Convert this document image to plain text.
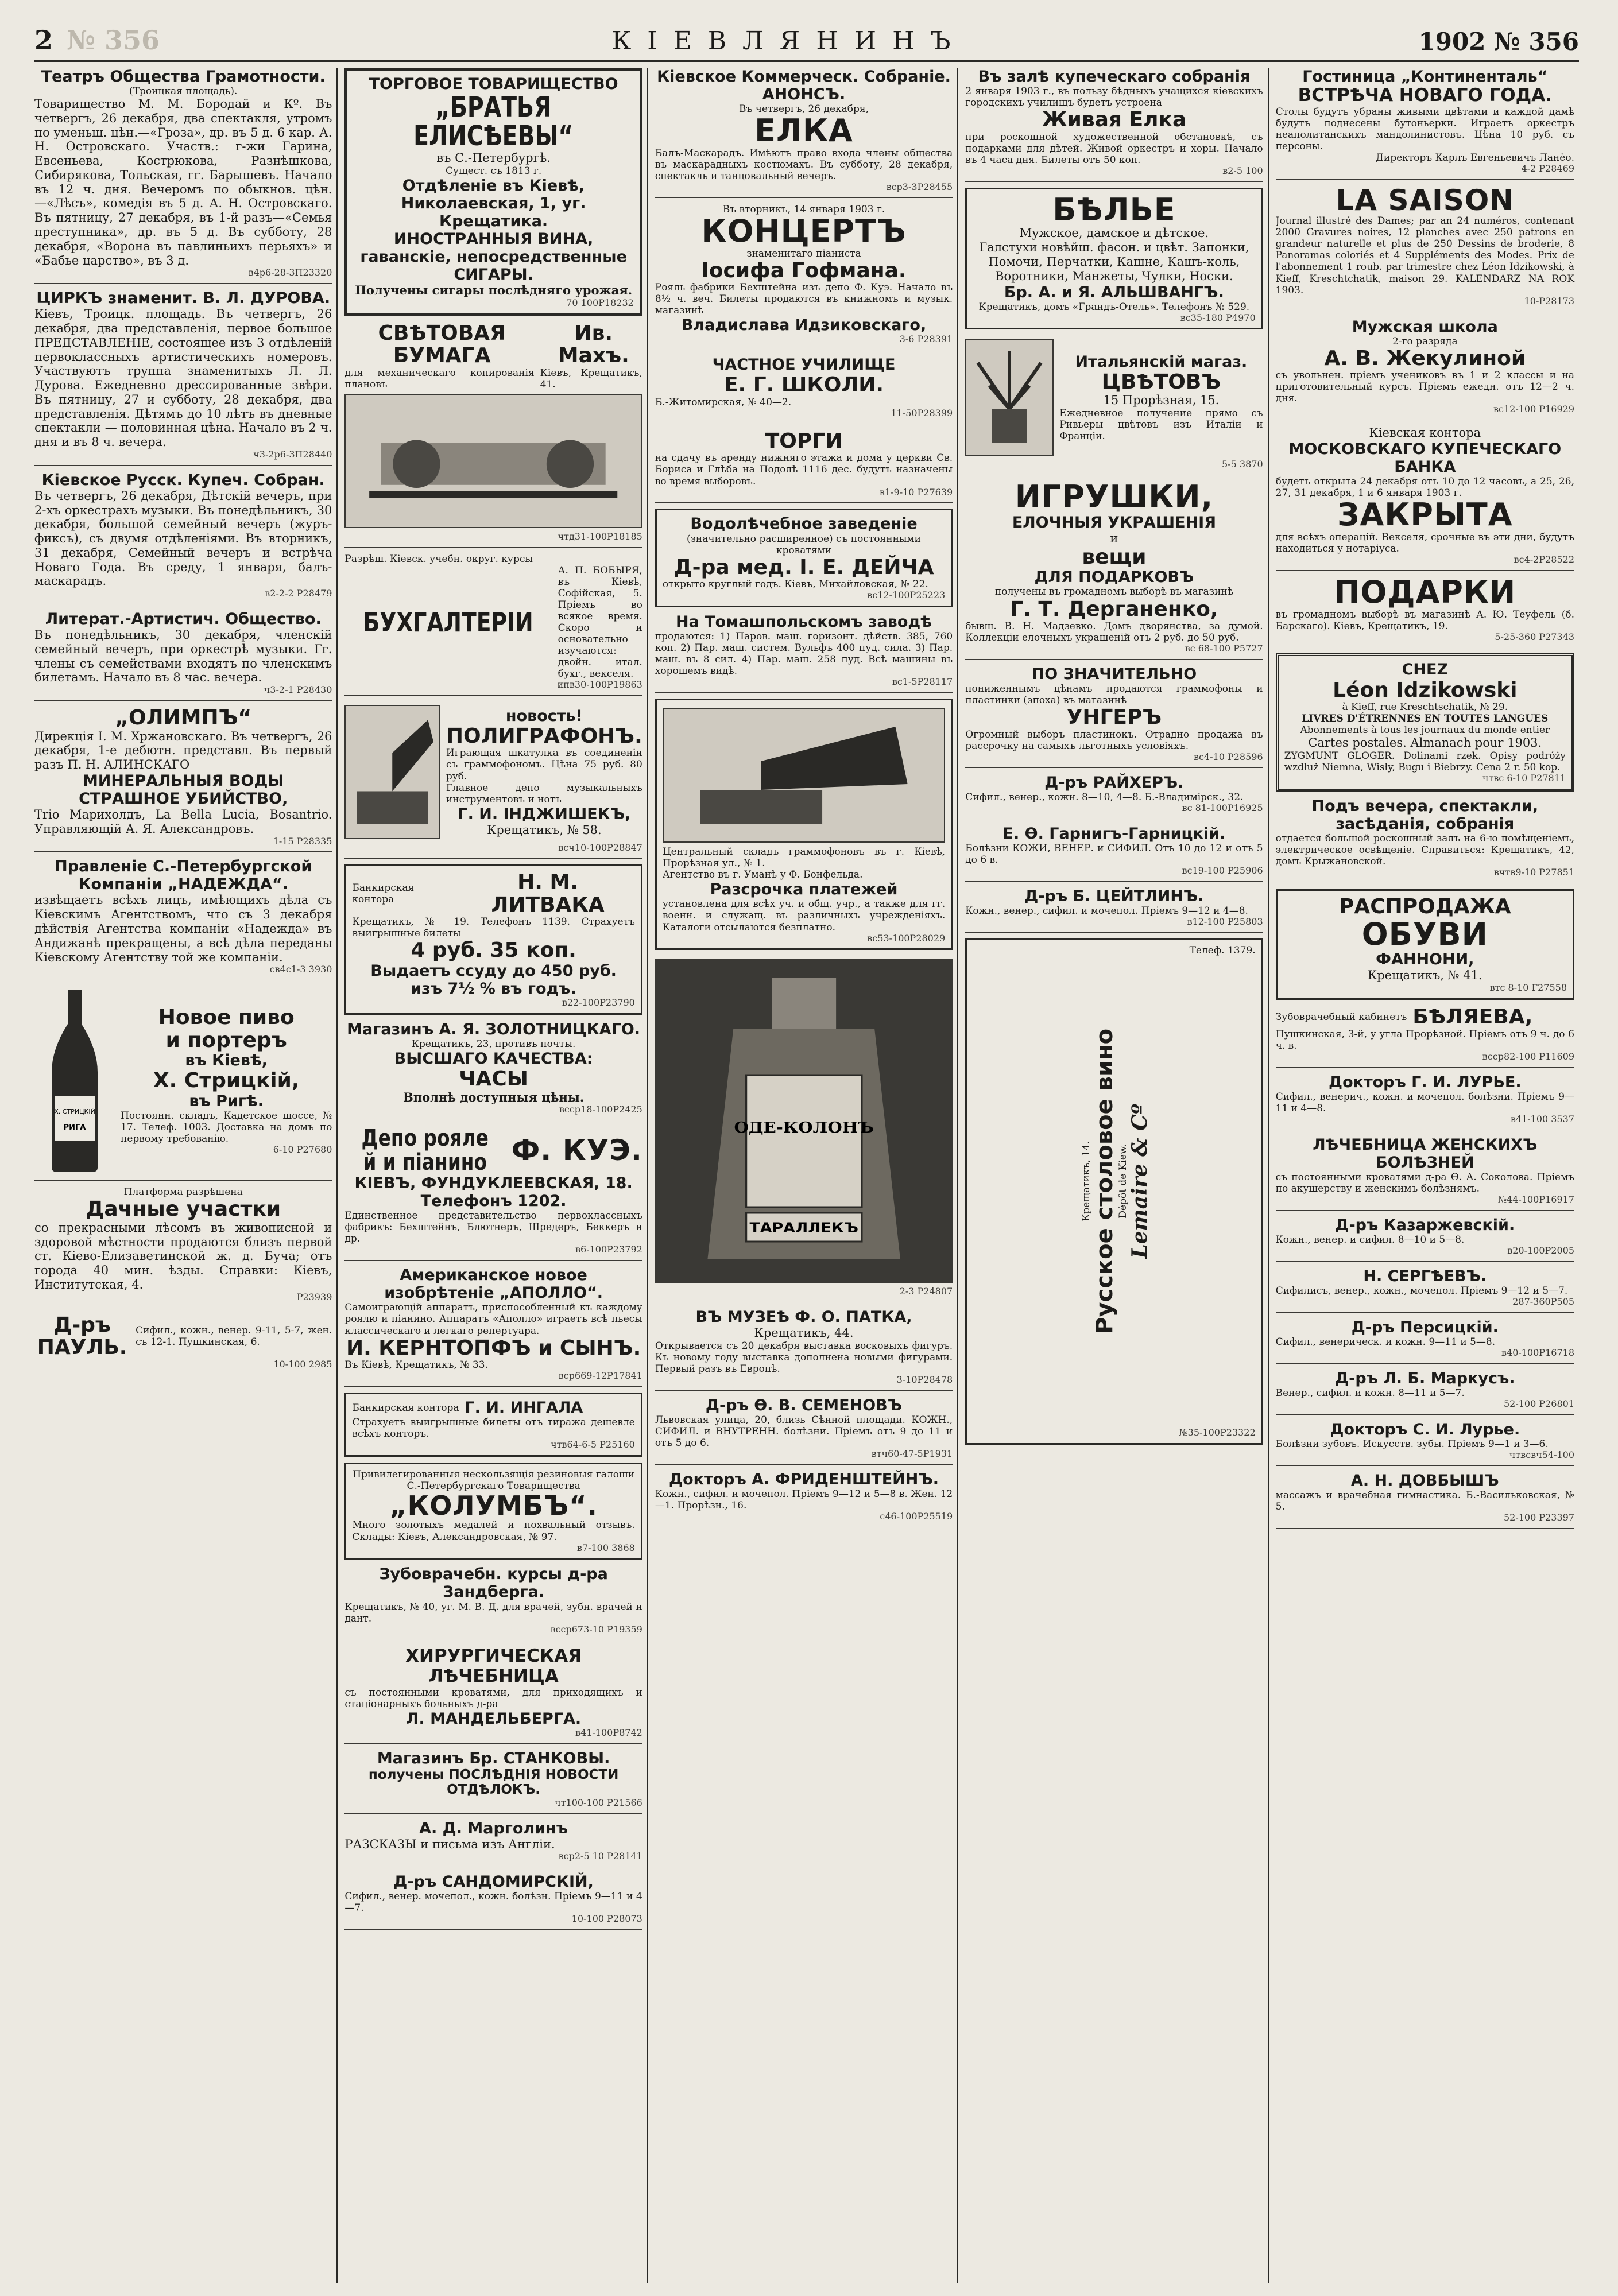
2 № 356	КIЕВЛЯНИНЪ	1902 № 356
Театръ Общества Грамотности.
(Троицкая площадь).
Товарищество М. М. Бородай и Кº. Въ четвергъ, 26 декабря, два спектакля, утромъ по уменьш. цѣн.—«Гроза», др. въ 5 д. 6 кар. А. Н. Островскаго. Участв.: г-жи Гарина, Евсеньева, Кострюкова, Разнѣшкова, Сибирякова, Тольская, гг. Барышевъ. Начало въ 12 ч. дня. Вечеромъ по обыкнов. цѣн.—«Лѣсъ», комедія въ 5 д. А. Н. Островскаго. Въ пятницу, 27 декабря, въ 1-й разъ—«Семья преступника», др. въ 5 д. Въ субботу, 28 декабря, «Ворона въ павлиньихъ перьяхъ» и «Бабье царство», въ 3 д.
в4р6-28-3П23320
ЦИРКЪ знаменит. В. Л. ДУРОВА.
Кiевъ, Троицк. площадь. Въ четвергъ, 26 декабря, два представленія, первое большое ПРЕДСТАВЛЕНIЕ, состоящее изъ 3 отдѣленій первоклассныхъ артистическихъ номеровъ. Участвуютъ труппа знаменитыхъ Л. Л. Дурова. Ежедневно дрессированные звѣри. Въ пятницу, 27 и субботу, 28 декабря, два представленія. Дѣтямъ до 10 лѣтъ въ дневные спектакли — половинная цѣна. Начало въ 2 ч. дня и въ 8 ч. вечера.
ч3-2p6-3П28440
Кiевское Русск. Купеч. Собран.
Въ четвергъ, 26 декабря, Дѣтскій вечеръ, при 2-хъ оркестрахъ музыки. Въ понедѣльникъ, 30 декабря, большой семейный вечеръ (журъ-фиксъ), съ двумя отдѣленіями. Въ вторникъ, 31 декабря, Семейный вечеръ и встрѣча Новаго Года. Въ среду, 1 января, балъ-маскарадъ.
в2-2-2 Р28479
Литерат.-Артистич. Общество.
Въ понедѣльникъ, 30 декабря, членскій семейный вечеръ, при оркестрѣ музыки. Гг. члены съ семействами входятъ по членскимъ билетамъ. Начало въ 8 час. вечера.
ч3-2-1 Р28430
„ОЛИМПЪ“
Дирекція І. М. Хржановскаго. Въ четвергъ, 26 декабря, 1-е дебютн. представл. Въ первый разъ П. Н. АЛИНСКАГО
МИНЕРАЛЬНЫЯ ВОДЫ
СТРАШНОЕ УБИЙСТВО,
Trio Марихолдъ, La Bella Lucia, Bosantrio. Управляющій А. Я. Александровъ.
1-15 Р28335
Правленіе С.-Петербургской Компаніи „НАДЕЖДА“.
извѣщаетъ всѣхъ лицъ, имѣющихъ дѣла съ Кiевскимъ Агентствомъ, что съ 3 декабря дѣйствія Агентства компаніи «Надежда» въ Андижанѣ прекращены, а всѣ дѣла переданы Кiевскому Агентству той же компаніи.
св4с1-3 3930
Х. СТРИЦКІЙ
РИГА
Новое пиво
и портеръ
въ Кiевѣ,
Х. Стрицкій,
въ Ригѣ.
Постоянн. складъ, Кадетское шоссе, № 17. Телеф. 1003. Доставка на домъ по первому требованію.
6-10 Р27680
Платформа разрѣшена
Дачные участки
со прекрасными лѣсомъ въ живописной и здоровой мѣстности продаются близъ первой ст. Кiево-Елизаветинской ж. д. Буча; отъ города 40 мин. ѣзды. Справки: Кiевъ, Институтская, 4.
Р23939
Д-ръ ПАУЛЬ.
Сифил., кожн., венер. 9-11, 5-7, жен. съ 12-1. Пушкинская, 6.
10-100 2985
ТОРГОВОЕ ТОВАРИЩЕСТВО
„БРАТЬЯ ЕЛИСѢЕВЫ“
въ С.-Петербургѣ.
Сущест. съ 1813 г.
Отдѣленіе въ Кiевѣ, Николаевская, 1, уг. Крещатика.
ИНОСТРАННЫЯ ВИНА, гаванскіе, непосредственные СИГАРЫ.
Получены сигары послѣдняго урожая.
70 100Р18232
СВѢТОВАЯ БУМАГА
Ив. Махъ.
для механическаго копированія плановъ
Кiевъ, Крещатикъ, 41.
чтд31-100Р18185
Разрѣш. Кiевск. учебн. округ. курсы
БУХГАЛТЕРІИ
А. П. БОБЫРЯ, въ Кiевѣ, Софійская, 5. Пріемъ во всякое время. Скоро и основательно изучаются: двойн. итал. бухг., векселя.
ипв30-100Р19863
новость!
ПОЛИГРАФОНЪ.
Играющая шкатулка въ соединеніи съ граммофономъ. Цѣна 75 руб. 80 руб.
Главное депо музыкальныхъ инструментовъ и нотъ
Г. И. ІНДЖИШЕКЪ,
Крещатикъ, № 58.
всч10-100Р28847
Банкирская контора
Н. М. ЛИТВАКА
Крещатикъ, № 19. Телефонъ 1139. Страхуетъ выигрышные билеты
4 руб. 35 коп.
Выдаетъ ссуду до 450 руб. изъ 7½ % въ годъ.
в22-100Р23790
Магазинъ А. Я. ЗОЛОТНИЦКАГО.
Крещатикъ, 23, противъ почты.
ВЫСШАГО КАЧЕСТВА:
ЧАСЫ
Вполнѣ доступныя цѣны.
всср18-100Р2425
Депо рояле й и піанино Ф. КУЭ.
КІЕВЪ, ФУНДУКЛЕЕВСКАЯ, 18. Телефонъ 1202.
Единственное представительство первоклассныхъ фабрикъ: Бехштейнъ, Блютнеръ, Шредеръ, Беккеръ и др.
в6-100Р23792
Американское новое изобрѣтеніе „АПОЛЛО“.
Самоиграющій аппаратъ, приспособленный къ каждому роялю и піанино. Аппаратъ «Аполло» играетъ всѣ пьесы классическаго и легкаго репертуара.
И. КЕРНТОПФЪ и СЫНЪ.
Въ Кiевѣ, Крещатикъ, № 33.
вср669-12Р17841
Банкирская контора Г. И. ИНГАЛА
Страхуетъ выигрышные билеты отъ тиража дешевле всѣхъ конторъ.
чтв64-6-5 Р25160
Привилегированныя нескользящія резиновыя галоши С.-Петербургскаго Товарищества
„КОЛУМБЪ“.
Много золотыхъ медалей и похвальный отзывъ. Склады: Кiевъ, Александровская, № 97.
в7-100 3868
Зубоврачебн. курсы д-ра Зандберга.
Крещатикъ, № 40, уг. М. В. Д. для врачей, зубн. врачей и дант.
всср673-10 Р19359
ХИРУРГИЧЕСКАЯ ЛѢЧЕБНИЦА
съ постоянными кроватями, для приходящихъ и стаціонарныхъ больныхъ д-ра
Л. МАНДЕЛЬБЕРГА.
в41-100Р8742
Магазинъ Бр. СТАНКОВЫ.
получены ПОСЛѢДНІЯ НОВОСТИ ОТДѢЛОКЪ.
чт100-100 Р21566
А. Д. Марголинъ
РАЗСКАЗЫ и письма изъ Англіи.
вср2-5 10 Р28141
Д-ръ САНДОМИРСКІЙ,
Сифил., венер. мочепол., кожн. болѣзн. Пріемъ 9—11 и 4—7.
10-100 Р28073
Кiевское Коммерческ. Собраніе.
АНОНСЪ.
Въ четвергъ, 26 декабря,
ЕЛКА
Балъ-Маскарадъ. Имѣютъ право входа члены общества въ маскарадныхъ костюмахъ. Въ субботу, 28 декабря, спектакль и танцовальный вечеръ.
вср3-3Р28455
Въ вторникъ, 14 января 1903 г.
КОНЦЕРТЪ
знаменитаго піаниста
Іосифа Гофмана.
Рояль фабрики Бехштейна изъ депо Ф. Куэ. Начало въ 8½ ч. веч. Билеты продаются въ книжномъ и музык. магазинѣ
Владислава Идзиковскаго,
3-6 Р28391
ЧАСТНОЕ УЧИЛИЩЕ
Е. Г. ШКОЛИ.
Б.-Житомирская, № 40—2.
11-50Р28399
ТОРГИ
на сдачу въ аренду нижняго этажа и дома у церкви Св. Бориса и Глѣба на Подолѣ 1116 дес. будутъ назначены во время выборовъ.
в1-9-10 Р27639
Водолѣчебное заведеніе
(значительно расширенное) съ постоянными кроватями
Д-ра мед. І. Е. ДЕЙЧА
открыто круглый годъ. Кiевъ, Михайловская, № 22.
вс12-100Р25223
На Томашпольскомъ заводѣ
продаются: 1) Паров. маш. горизонт. дѣйств. 385, 760 коп. 2) Пар. маш. систем. Вульфъ 400 пуд. сила. 3) Пар. маш. въ 8 сил. 4) Пар. маш. 258 пуд. Всѣ машины въ хорошемъ видѣ.
вс1-5Р28117
Центральный складъ граммофоновъ въ г. Кiевѣ, Прорѣзная ул., № 1.
Агентство въ г. Уманѣ у Ф. Бонфельда.
Разсрочка платежей
установлена для всѣх уч. и общ. учр., а также для гг. военн. и служащ. въ различныхъ учрежденіяхъ. Каталоги отсылаются безплатно.
вс53-100Р28029
ОДЕ-КОЛОНЪ
ТАРАЛЛЕКЪ
2-3 Р24807
ВЪ МУЗЕѢ Ф. О. ПАТКА,
Крещатикъ, 44.
Открывается съ 20 декабря выставка восковыхъ фигуръ. Къ новому году выставка дополнена новыми фигурами. Первый разъ въ Европѣ.
3-10Р28478
Д-ръ Ѳ. В. СЕМЕНОВЪ
Львовская улица, 20, близь Сѣнной площади. КОЖН., СИФИЛ. и ВНУТРЕНН. болѣзни. Пріемъ отъ 9 до 11 и отъ 5 до 6.
втч60-47-5Р1931
Докторъ А. ФРИДЕНШТЕЙНЪ.
Кожн., сифил. и мочепол. Пріемъ 9—12 и 5—8 в. Жен. 12—1. Прорѣзн., 16.
с46-100Р25519
Въ залѣ купеческаго собранія
2 января 1903 г., въ пользу бѣдныхъ учащихся кiевскихъ городскихъ училищъ будетъ устроена
Живая Елка
при роскошной художественной обстановкѣ, съ подарками для дѣтей. Живой оркестръ и хоры. Начало въ 4 часа дня. Билеты отъ 50 коп.
в2-5 100
БѢЛЬЕ
Мужское, дамское и дѣтское.
Галстухи новѣйш. фасон. и цвѣт. Запонки, Помочи, Перчатки, Кашне, Кашъ-коль, Воротники, Манжеты, Чулки, Носки.
Бр. А. и Я. АЛЬШВАНГЪ.
Крещатикъ, домъ «Грандъ-Отель». Телефонъ № 529.
вс35-180 Р4970
Итальянскій магаз.
ЦВѢТОВЪ
15 Прорѣзная, 15.
Ежедневное получение прямо съ Ривьеры цвѣтовъ изъ Италіи и Франціи.
5-5 3870
ИГРУШКИ,
ЕЛОЧНЫЯ УКРАШЕНІЯ
и
вещи
ДЛЯ ПОДАРКОВЪ
получены въ громадномъ выборѣ въ магазинѣ
Г. Т. Дерганенко,
бывш. В. Н. Мадзевко. Домъ дворянства, за думой. Коллекціи елочныхъ украшеній отъ 2 руб. до 50 руб.
вс 68-100 Р5727
ПО ЗНАЧИТЕЛЬНО
пониженнымъ цѣнамъ продаются граммофоны и пластинки (эпоха) въ магазинѣ
УНГЕРЪ
Огромный выборъ пластинокъ. Отрадно продажа въ рассрочку на самыхъ льготныхъ условіяхъ.
вс4-10 Р28596
Д-ръ РАЙХЕРЪ.
Сифил., венер., кожн. 8—10, 4—8. Б.-Владимірск., 32.
вс 81-100Р16925
Е. Ѳ. Гарнигъ-Гарницкій.
Болѣзни КОЖИ, ВЕНЕР. и СИФИЛ. Отъ 10 до 12 и отъ 5 до 6 в.
вс19-100 Р25906
Д-ръ Б. ЦЕЙТЛИНЪ.
Кожн., венер., сифил. и мочепол. Пріемъ 9—12 и 4—8.
в12-100 Р25803
Телеф. 1379.
Крещатикъ, 14. Русское столовое вино Dépôt de Kiew.
Lemaire & Cº
№35-100Р23322
Гостиница „Континенталь“
ВСТРѢЧА НОВАГО ГОДА.
Столы будутъ убраны живыми цвѣтами и каждой дамѣ будутъ поднесены бутоньерки. Играетъ оркестръ неаполитанскихъ мандолинистовъ. Цѣна 10 руб. съ персоны.
Директоръ Карлъ Евгеньевичъ Ланѐо.
4-2 Р28469
LA SAISON
Journal illustré des Dames; par an 24 numéros, contenant 2000 Gravures noires, 12 planches avec 250 patrons en grandeur naturelle et plus de 250 Dessins de broderie, 8 Panoramas coloriés et 4 Suppléments des Modes. Prix de l'abonnement 1 roub. par trimestre chez Léon Idzikowski, à Kieff, Kreschtchatik, maison 29. KALENDARZ NA ROK 1903.
10-Р28173
Мужская школа
2-го разряда
А. В. Жекулиной
съ увольнен. пріемъ учениковъ въ 1 и 2 классы и на приготовительный курсъ. Пріемъ ежедн. отъ 12—2 ч. дня.
вс12-100 Р16929
Кiевская контора
МОСКОВСКАГО КУПЕЧЕСКАГО БАНКА
будетъ открыта 24 декабря отъ 10 до 12 часовъ, а 25, 26, 27, 31 декабря, 1 и 6 января 1903 г.
ЗАКРЫТА
для всѣхъ операцій. Векселя, срочные въ эти дни, будутъ находиться у нотаріуса.
вс4-2Р28522
ПОДАРКИ
въ громадномъ выборѣ въ магазинѣ А. Ю. Теуфель (б. Барскаго). Кiевъ, Крещатикъ, 19.
5-25-360 Р27343
CHEZ
Léon Idzikowski
à Kieff, rue Kreschtschatik, № 29.
LIVRES D'ÉTRENNES EN TOUTES LANGUES
Abonnements à tous les journaux du monde entier
Cartes postales. Almanach pour 1903.
ZYGMUNT GLOGER. Dolinami rzek. Opisy podróży wzdłuż Niemna, Wisły, Bugu i Biebrzy. Cena 2 r. 50 kop.
чтвс 6-10 Р27811
Подъ вечера, спектакли, засѣданія, собранія
отдается большой роскошный залъ на 6-ю помѣщеніемъ, электрическое освѣщеніе. Справиться: Крещатикъ, 42, домъ Крыжановской.
вчтв9-10 Р27851
РАСПРОДАЖА
ОБУВИ
ФАННОНИ,
Крещатикъ, № 41.
втс 8-10 Г27558
Зубоврачебный кабинетъ БѢЛЯЕВА,
Пушкинская, 3-й, у угла Прорѣзной. Пріемъ отъ 9 ч. до 6 ч. в.
всср82-100 Р11609
Докторъ Г. И. ЛУРЬЕ.
Сифил., венерич., кожн. и мочепол. болѣзни. Пріемъ 9—11 и 4—8.
в41-100 3537
ЛѢЧЕБНИЦА ЖЕНСКИХЪ БОЛѢЗНЕЙ
съ постоянными кроватями д-ра Ѳ. А. Соколова. Пріемъ по акушерству и женскимъ болѣзнямъ.
№44-100Р16917
Д-ръ Казаржевскій.
Кожн., венер. и сифил. 8—10 и 5—8.
в20-100Р2005
Н. СЕРГѢЕВЪ.
Сифилисъ, венер., кожн., мочепол. Пріемъ 9—12 и 5—7.
287-360Р505
Д-ръ Персицкій.
Сифил., венерическ. и кожн. 9—11 и 5—8.
в40-100Р16718
Д-ръ Л. Б. Маркусъ.
Венер., сифил. и кожн. 8—11 и 5—7.
52-100 Р26801
Докторъ С. И. Лурье.
Болѣзни зубовъ. Искусств. зубы. Пріемъ 9—1 и 3—6.
чтвсвч54-100
А. Н. ДОВБЫШЪ
массажъ и врачебная гимнастика. Б.-Васильковская, № 5.
52-100 Р23397
